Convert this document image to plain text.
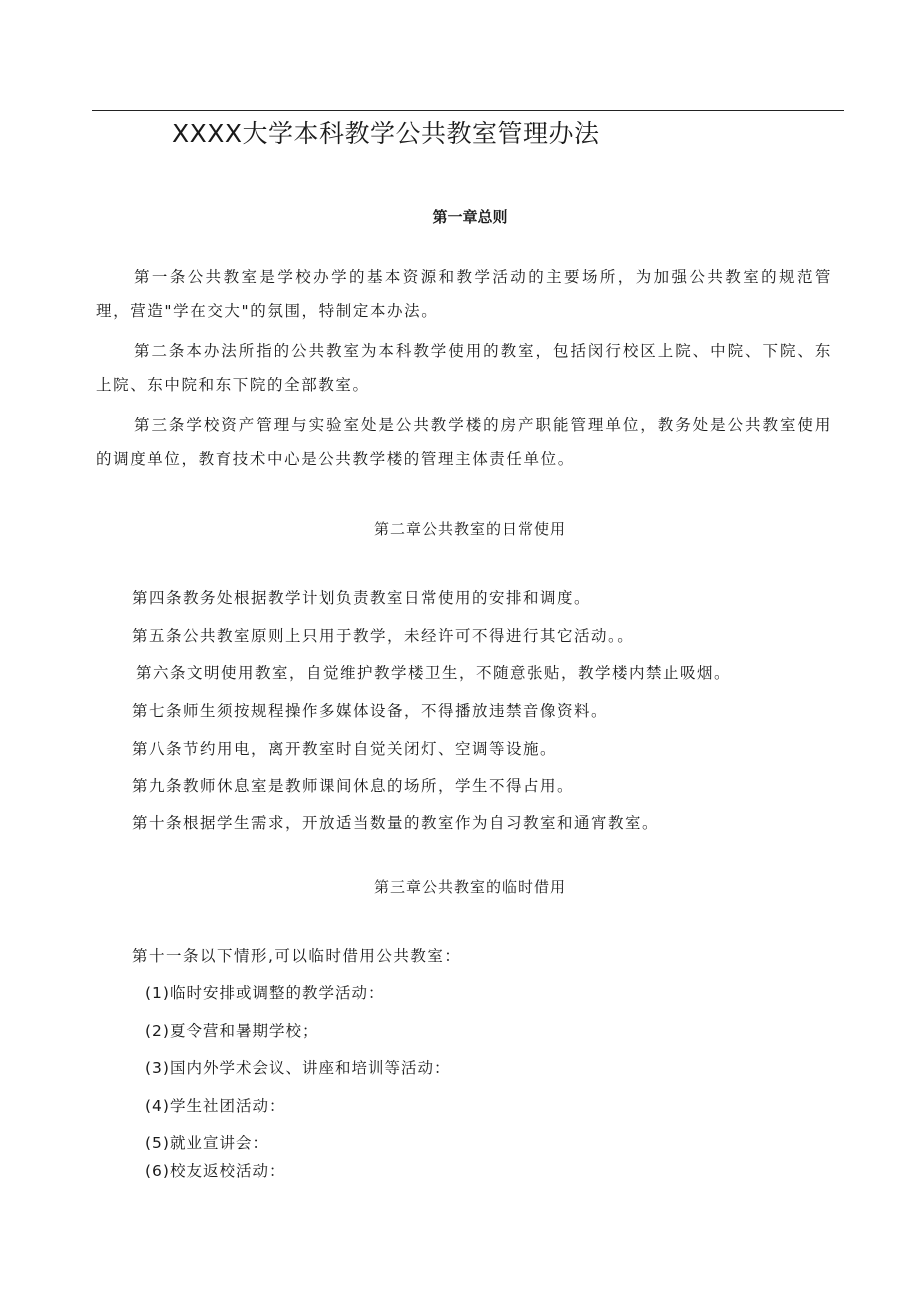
XXXX大学本科教学公共教室管理办法
第一章总则
第一条公共教室是学校办学的基本资源和教学活动的主要场所，为加强公共教室的规范管理，营造"学在交大"的氛围，特制定本办法。
第二条本办法所指的公共教室为本科教学使用的教室，包括闵行校区上院、中院、下院、东上院、东中院和东下院的全部教室。
第三条学校资产管理与实验室处是公共教学楼的房产职能管理单位，教务处是公共教室使用的调度单位，教育技术中心是公共教学楼的管理主体责任单位。
第二章公共教室的日常使用
第四条教务处根据教学计划负责教室日常使用的安排和调度。
第五条公共教室原则上只用于教学，未经许可不得进行其它活动。。
第六条文明使用教室，自觉维护教学楼卫生，不随意张贴，教学楼内禁止吸烟。
第七条师生须按规程操作多媒体设备，不得播放违禁音像资料。
第八条节约用电，离开教室时自觉关闭灯、空调等设施。
第九条教师休息室是教师课间休息的场所，学生不得占用。
第十条根据学生需求，开放适当数量的教室作为自习教室和通宵教室。
第三章公共教室的临时借用
第十一条以下情形,可以临时借用公共教室：
(1)临时安排或调整的教学活动：
(2)夏令营和暑期学校；
(3)国内外学术会议、讲座和培训等活动：
(4)学生社团活动：
(5)就业宣讲会：
(6)校友返校活动：
